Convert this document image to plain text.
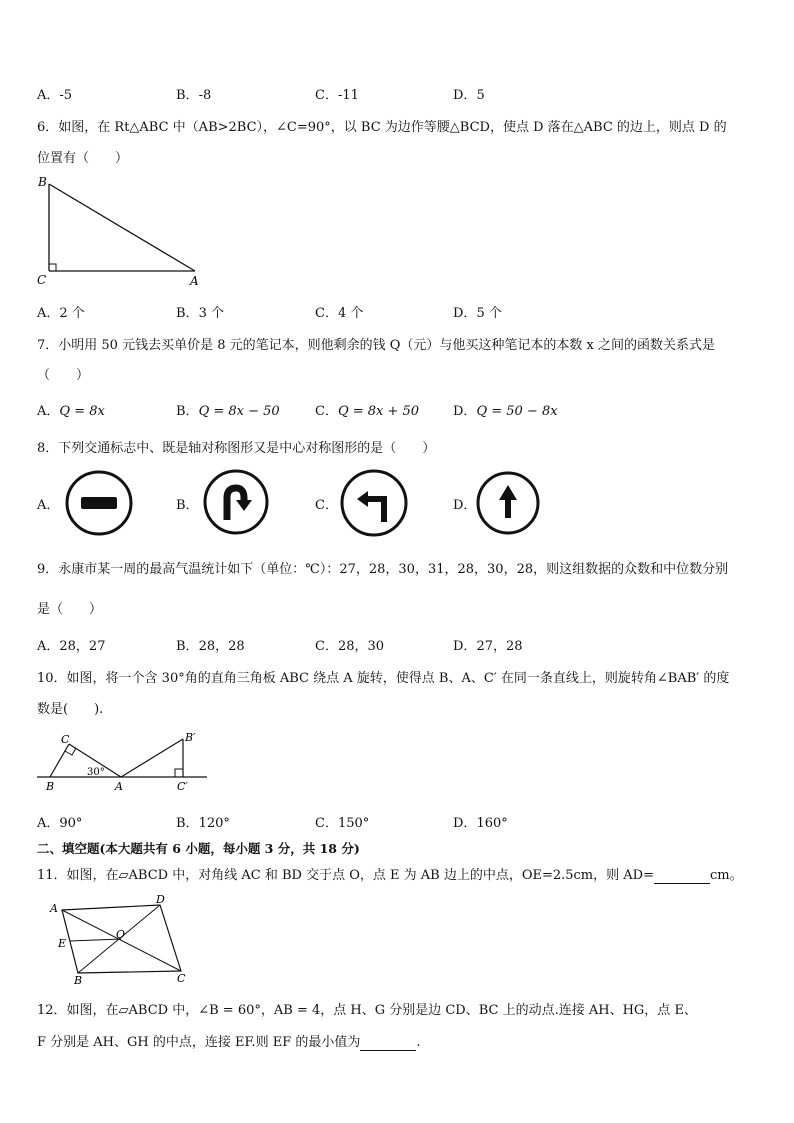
A．-5	B．-8	C．-11	D．5
6．如图，在 Rt△ABC 中（AB>2BC），∠C=90°，以 BC 为边作等腰△BCD，使点 D 落在△ABC 的边上，则点 D 的
位置有（　　）
B
C	A
A．2 个	B．3 个	C．4 个	D．5 个
7．小明用 50 元钱去买单价是 8 元的笔记本，则他剩余的钱 Q（元）与他买这种笔记本的本数 x 之间的函数关系式是
（　　）
A．Q = 8x	B．Q = 8x − 50	C．Q = 8x + 50	D．Q = 50 − 8x
8．下列交通标志中、既是轴对称图形又是中心对称图形的是（　　）
A．	B．	C．	D．
9．永康市某一周的最高气温统计如下（单位：℃）：27，28，30，31，28，30，28，则这组数据的众数和中位数分别
是（　　）
A．28，27	B．28，28	C．28，30	D．27，28
10．如图，将一个含 30°角的直角三角板 ABC 绕点 A 旋转，使得点 B、A、C′ 在同一条直线上，则旋转角∠BAB′ 的度
数是(　　).
C
B	A
B′
C′
30°
A．90°	B．120°	C．150°	D．160°
二、填空题(本大题共有 6 小题，每小题 3 分，共 18 分)
11．如图，在▱ABCD 中，对角线 AC 和 BD 交于点 O，点 E 为 AB 边上的中点，OE=2.5cm，则 AD=	cm。
A
D
E
O
B	C
12．如图，在▱ABCD 中，∠B = 60°，AB = 4，点 H、G 分别是边 CD、BC 上的动点.连接 AH、HG，点 E、
F 分别是 AH、GH 的中点，连接 EF.则 EF 的最小值为	.
